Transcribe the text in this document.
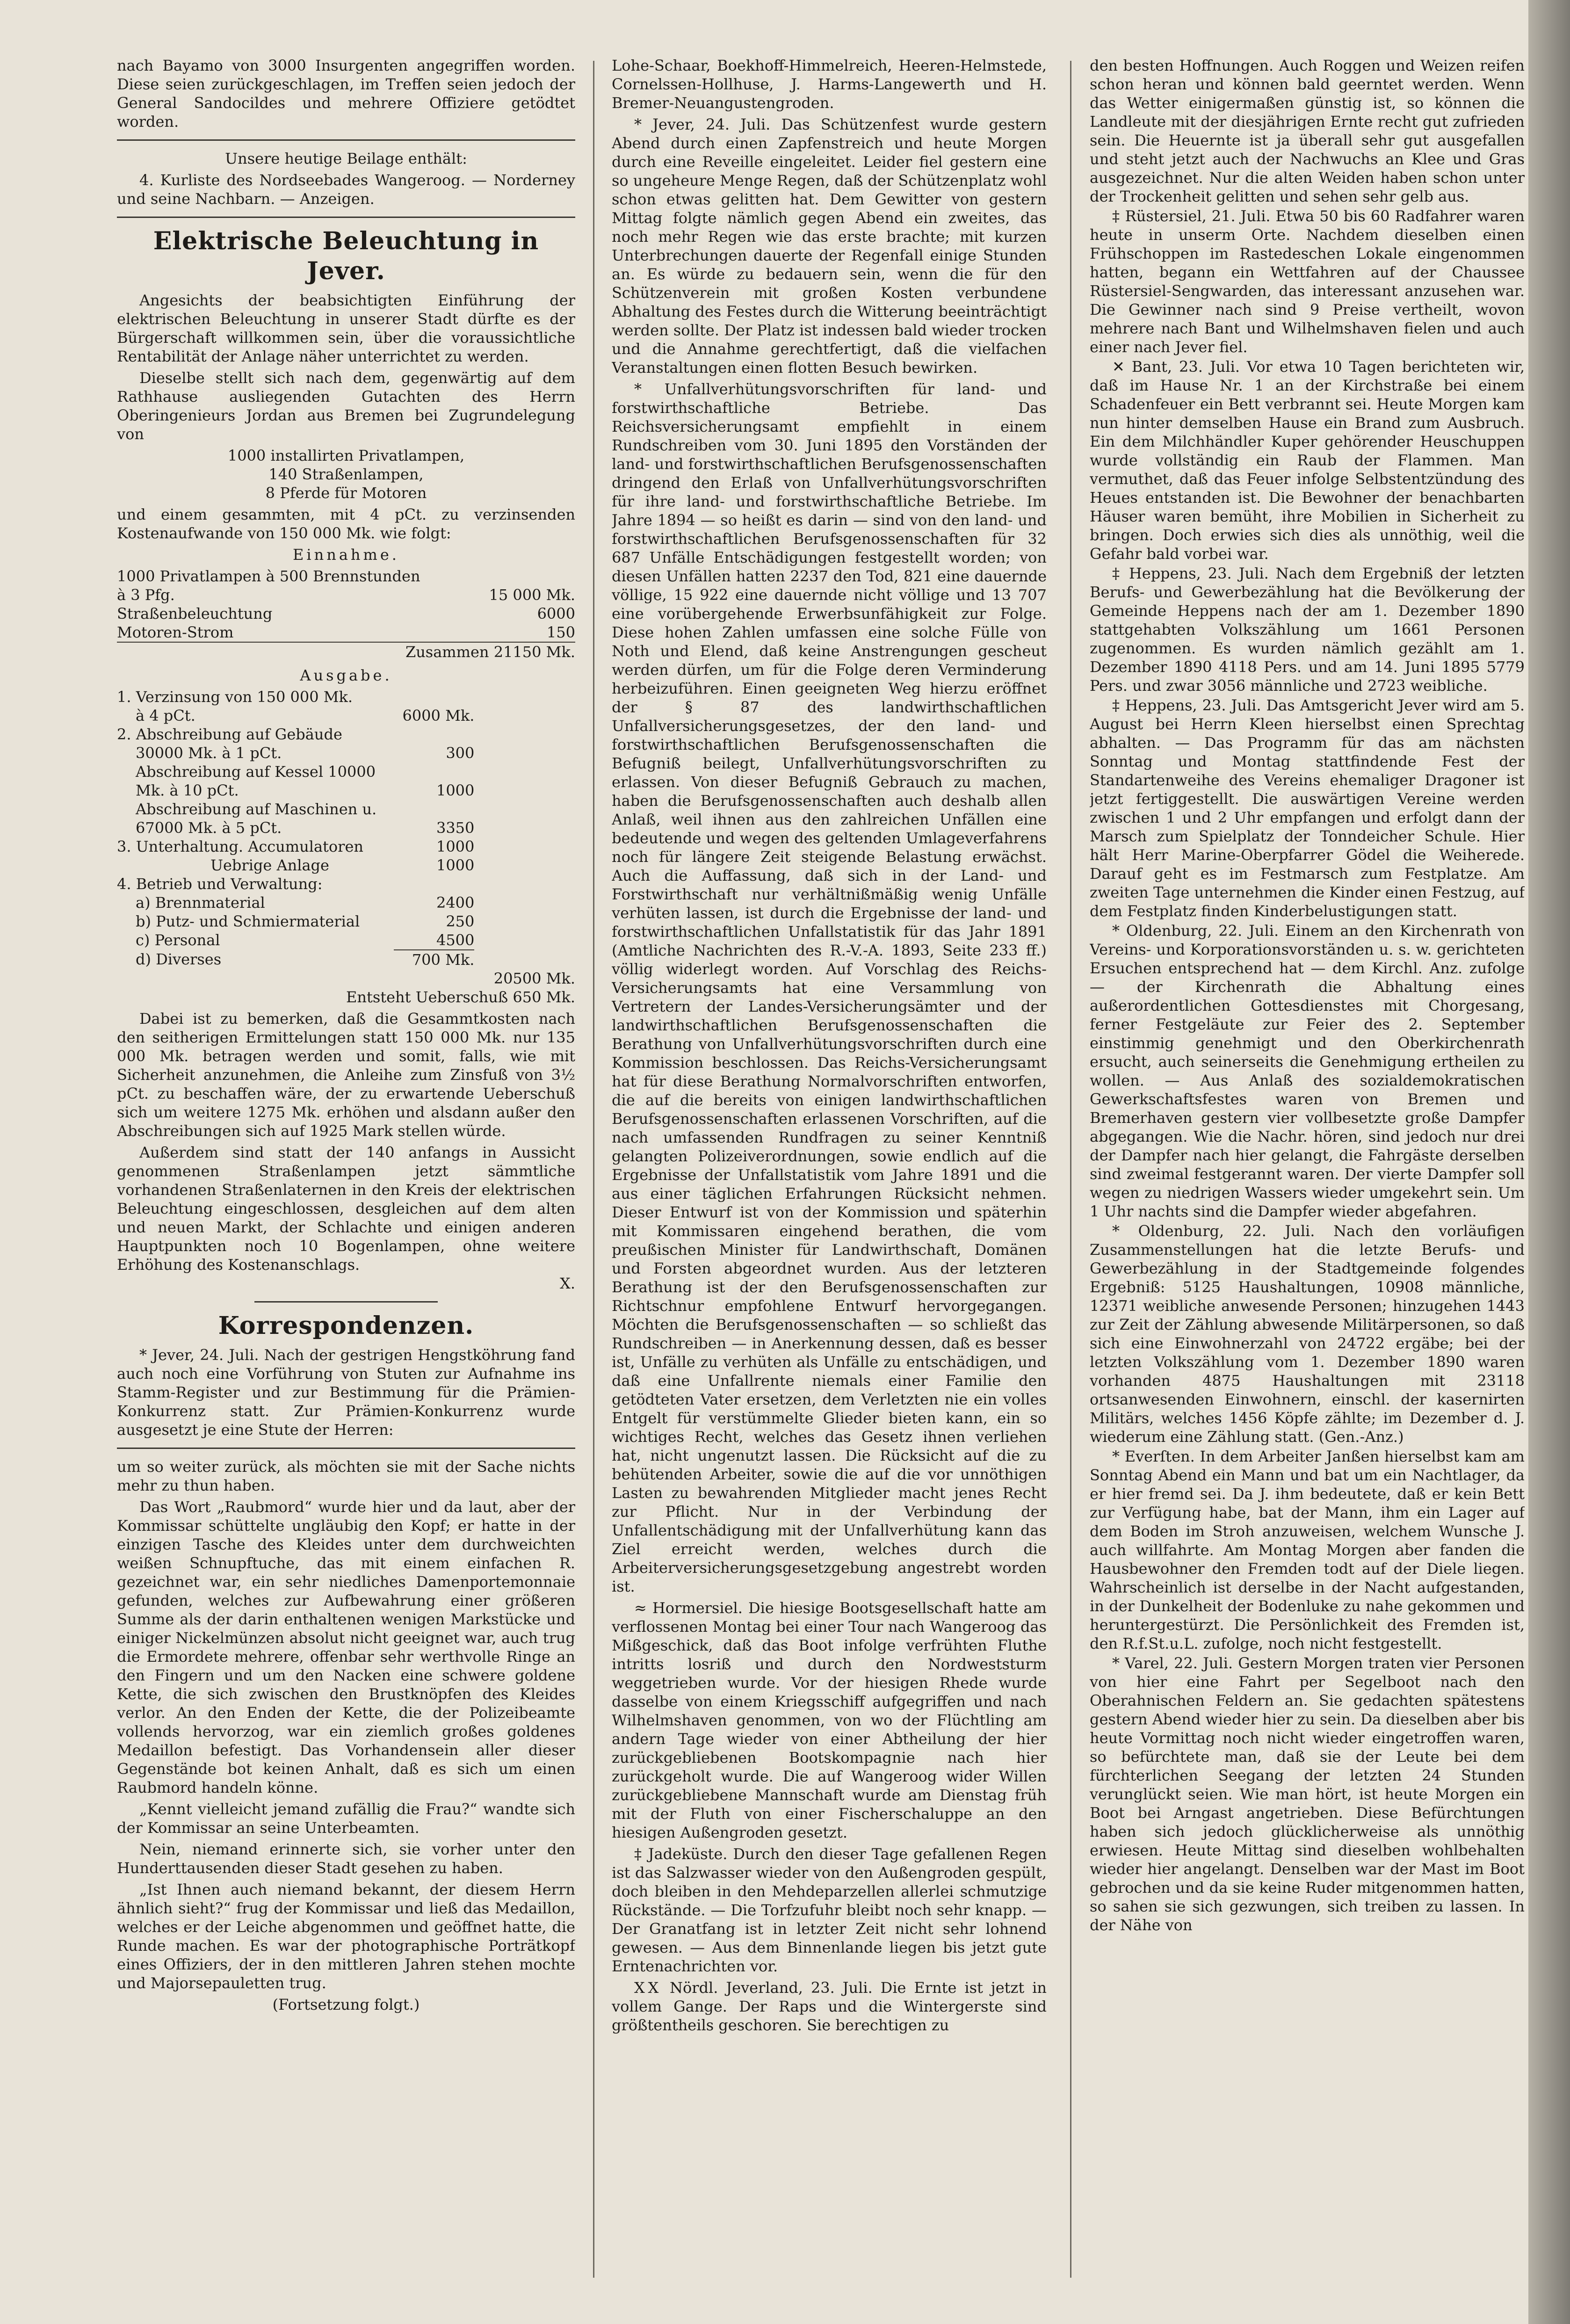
nach Bayamo von 3000 Insurgenten angegriffen worden. Diese seien zurückgeschlagen, im Treffen seien jedoch der General Sandocildes und mehrere Offiziere getödtet worden.

Unsere heutige Beilage enthält:

4. Kurliste des Nordseebades Wangeroog. — Norderney und seine Nachbarn. — Anzeigen.

Elektrische Beleuchtung in Jever.

Angesichts der beabsichtigten Einführung der elektrischen Beleuchtung in unserer Stadt dürfte es der Bürgerschaft willkommen sein, über die voraussichtliche Rentabilität der Anlage näher unterrichtet zu werden.

Dieselbe stellt sich nach dem, gegenwärtig auf dem Rathhause ausliegenden Gutachten des Herrn Oberingenieurs Jordan aus Bremen bei Zugrundelegung von

1000 installirten Privatlampen,

140 Straßenlampen,

8 Pferde für Motoren

und einem gesammten, mit 4 pCt. zu verzinsenden Kostenaufwande von 150 000 Mk. wie folgt:

Einnahme.

1000 Privatlampen à 500 Brennstunden	
à 3 Pfg.	15 000 Mk.
Straßenbeleuchtung	6000
Motoren-Strom	150
Zusammen 21150 Mk.	

Ausgabe.

1. Verzinsung von 150 000 Mk.	
à 4 pCt.	6000 Mk.
2. Abschreibung auf Gebäude	
30000 Mk. à 1 pCt.	300
Abschreibung auf Kessel 10000	
Mk. à 10 pCt.	1000
Abschreibung auf Maschinen u.	
67000 Mk. à 5 pCt.	3350
3. Unterhaltung. Accumulatoren	1000
Uebrige Anlage	1000
4. Betrieb und Verwaltung:	
a) Brennmaterial	2400
b) Putz- und Schmiermaterial	250
c) Personal	4500
d) Diverses	700 Mk.

20500 Mk.

Entsteht Ueberschuß 650 Mk.

Dabei ist zu bemerken, daß die Gesammtkosten nach den seitherigen Ermittelungen statt 150 000 Mk. nur 135 000 Mk. betragen werden und somit, falls, wie mit Sicherheit anzunehmen, die Anleihe zum Zinsfuß von 3½ pCt. zu beschaffen wäre, der zu erwartende Ueberschuß sich um weitere 1275 Mk. erhöhen und alsdann außer den Abschreibungen sich auf 1925 Mark stellen würde.

Außerdem sind statt der 140 anfangs in Aussicht genommenen Straßenlampen jetzt sämmtliche vorhandenen Straßenlaternen in den Kreis der elektrischen Beleuchtung eingeschlossen, desgleichen auf dem alten und neuen Markt, der Schlachte und einigen anderen Hauptpunkten noch 10 Bogenlampen, ohne weitere Erhöhung des Kostenanschlags.

X.

Korrespondenzen.

* Jever, 24. Juli. Nach der gestrigen Hengstköhrung fand auch noch eine Vorführung von Stuten zur Aufnahme ins Stamm-Register und zur Bestimmung für die Prämien-Konkurrenz statt. Zur Prämien-Konkurrenz wurde ausgesetzt je eine Stute der Herren:

um so weiter zurück, als möchten sie mit der Sache nichts mehr zu thun haben.

Das Wort „Raubmord“ wurde hier und da laut, aber der Kommissar schüttelte ungläubig den Kopf; er hatte in der einzigen Tasche des Kleides unter dem durchweichten weißen Schnupftuche, das mit einem einfachen R. gezeichnet war, ein sehr niedliches Damenportemonnaie gefunden, welches zur Aufbewahrung einer größeren Summe als der darin enthaltenen wenigen Markstücke und einiger Nickelmünzen absolut nicht geeignet war, auch trug die Ermordete mehrere, offenbar sehr werthvolle Ringe an den Fingern und um den Nacken eine schwere goldene Kette, die sich zwischen den Brustknöpfen des Kleides verlor. An den Enden der Kette, die der Polizeibeamte vollends hervorzog, war ein ziemlich großes goldenes Medaillon befestigt. Das Vorhandensein aller dieser Gegenstände bot keinen Anhalt, daß es sich um einen Raubmord handeln könne.

„Kennt vielleicht jemand zufällig die Frau?“ wandte sich der Kommissar an seine Unterbeamten.

Nein, niemand erinnerte sich, sie vorher unter den Hunderttausenden dieser Stadt gesehen zu haben.

„Ist Ihnen auch niemand bekannt, der diesem Herrn ähnlich sieht?“ frug der Kommissar und ließ das Medaillon, welches er der Leiche abgenommen und geöffnet hatte, die Runde machen. Es war der photographische Porträtkopf eines Offiziers, der in den mittleren Jahren stehen mochte und Majorsepauletten trug.

(Fortsetzung folgt.)

Lohe-Schaar, Boekhoff-Himmelreich, Heeren-Helmstede, Cornelssen-Hollhuse, J. Harms-Langewerth und H. Bremer-Neuangustengroden.

* Jever, 24. Juli. Das Schützenfest wurde gestern Abend durch einen Zapfenstreich und heute Morgen durch eine Reveille eingeleitet. Leider fiel gestern eine so ungeheure Menge Regen, daß der Schützenplatz wohl schon etwas gelitten hat. Dem Gewitter von gestern Mittag folgte nämlich gegen Abend ein zweites, das noch mehr Regen wie das erste brachte; mit kurzen Unterbrechungen dauerte der Regenfall einige Stunden an. Es würde zu bedauern sein, wenn die für den Schützenverein mit großen Kosten verbundene Abhaltung des Festes durch die Witterung beeinträchtigt werden sollte. Der Platz ist indessen bald wieder trocken und die Annahme gerechtfertigt, daß die vielfachen Veranstaltungen einen flotten Besuch bewirken.

* Unfallverhütungsvorschriften für land- und forstwirthschaftliche Betriebe. Das Reichsversicherungsamt empfiehlt in einem Rundschreiben vom 30. Juni 1895 den Vorständen der land- und forstwirthschaftlichen Berufsgenossenschaften dringend den Erlaß von Unfallverhütungsvorschriften für ihre land- und forstwirthschaftliche Betriebe. Im Jahre 1894 — so heißt es darin — sind von den land- und forstwirthschaftlichen Berufsgenossenschaften für 32 687 Unfälle Entschädigungen festgestellt worden; von diesen Unfällen hatten 2237 den Tod, 821 eine dauernde völlige, 15 922 eine dauernde nicht völlige und 13 707 eine vorübergehende Erwerbsunfähigkeit zur Folge. Diese hohen Zahlen umfassen eine solche Fülle von Noth und Elend, daß keine Anstrengungen gescheut werden dürfen, um für die Folge deren Verminderung herbeizuführen. Einen geeigneten Weg hierzu eröffnet der § 87 des landwirthschaftlichen Unfallversicherungsgesetzes, der den land- und forstwirthschaftlichen Berufsgenossenschaften die Befugniß beilegt, Unfallverhütungsvorschriften zu erlassen. Von dieser Befugniß Gebrauch zu machen, haben die Berufsgenossenschaften auch deshalb allen Anlaß, weil ihnen aus den zahlreichen Unfällen eine bedeutende und wegen des geltenden Umlageverfahrens noch für längere Zeit steigende Belastung erwächst. Auch die Auffassung, daß sich in der Land- und Forstwirthschaft nur verhältnißmäßig wenig Unfälle verhüten lassen, ist durch die Ergebnisse der land- und forstwirthschaftlichen Unfallstatistik für das Jahr 1891 (Amtliche Nachrichten des R.-V.-A. 1893, Seite 233 ff.) völlig widerlegt worden. Auf Vorschlag des Reichs-Versicherungsamts hat eine Versammlung von Vertretern der Landes-Versicherungsämter und der landwirthschaftlichen Berufsgenossenschaften die Berathung von Unfallverhütungsvorschriften durch eine Kommission beschlossen. Das Reichs-Versicherungsamt hat für diese Berathung Normalvorschriften entworfen, die auf die bereits von einigen landwirthschaftlichen Berufsgenossenschaften erlassenen Vorschriften, auf die nach umfassenden Rundfragen zu seiner Kenntniß gelangten Polizeiverordnungen, sowie endlich auf die Ergebnisse der Unfallstatistik vom Jahre 1891 und die aus einer täglichen Erfahrungen Rücksicht nehmen. Dieser Entwurf ist von der Kommission und späterhin mit Kommissaren eingehend berathen, die vom preußischen Minister für Landwirthschaft, Domänen und Forsten abgeordnet wurden. Aus der letzteren Berathung ist der den Berufsgenossenschaften zur Richtschnur empfohlene Entwurf hervorgegangen. Möchten die Berufsgenossenschaften — so schließt das Rundschreiben — in Anerkennung dessen, daß es besser ist, Unfälle zu verhüten als Unfälle zu entschädigen, und daß eine Unfallrente niemals einer Familie den getödteten Vater ersetzen, dem Verletzten nie ein volles Entgelt für verstümmelte Glieder bieten kann, ein so wichtiges Recht, welches das Gesetz ihnen verliehen hat, nicht ungenutzt lassen. Die Rücksicht auf die zu behütenden Arbeiter, sowie die auf die vor unnöthigen Lasten zu bewahrenden Mitglieder macht jenes Recht zur Pflicht. Nur in der Verbindung der Unfallentschädigung mit der Unfallverhütung kann das Ziel erreicht werden, welches durch die Arbeiterversicherungsgesetzgebung angestrebt worden ist.

≈ Hormersiel. Die hiesige Bootsgesellschaft hatte am verflossenen Montag bei einer Tour nach Wangeroog das Mißgeschick, daß das Boot infolge verfrühten Fluthe intritts losriß und durch den Nordweststurm weggetrieben wurde. Vor der hiesigen Rhede wurde dasselbe von einem Kriegsschiff aufgegriffen und nach Wilhelmshaven genommen, von wo der Flüchtling am andern Tage wieder von einer Abtheilung der hier zurückgebliebenen Bootskompagnie nach hier zurückgeholt wurde. Die auf Wangeroog wider Willen zurückgebliebene Mannschaft wurde am Dienstag früh mit der Fluth von einer Fischerschaluppe an den hiesigen Außengroden gesetzt.

‡ Jadeküste. Durch den dieser Tage gefallenen Regen ist das Salzwasser wieder von den Außengroden gespült, doch bleiben in den Mehdeparzellen allerlei schmutzige Rückstände. — Die Torfzufuhr bleibt noch sehr knapp. — Der Granatfang ist in letzter Zeit nicht sehr lohnend gewesen. — Aus dem Binnenlande liegen bis jetzt gute Erntenachrichten vor.

ⅩⅩ Nördl. Jeverland, 23. Juli. Die Ernte ist jetzt in vollem Gange. Der Raps und die Wintergerste sind größtentheils geschoren. Sie berechtigen zu

den besten Hoffnungen. Auch Roggen und Weizen reifen schon heran und können bald geerntet werden. Wenn das Wetter einigermaßen günstig ist, so können die Landleute mit der diesjährigen Ernte recht gut zufrieden sein. Die Heuernte ist ja überall sehr gut ausgefallen und steht jetzt auch der Nachwuchs an Klee und Gras ausgezeichnet. Nur die alten Weiden haben schon unter der Trockenheit gelitten und sehen sehr gelb aus.

‡ Rüstersiel, 21. Juli. Etwa 50 bis 60 Radfahrer waren heute in unserm Orte. Nachdem dieselben einen Frühschoppen im Rastedeschen Lokale eingenommen hatten, begann ein Wettfahren auf der Chaussee Rüstersiel-Sengwarden, das interessant anzusehen war. Die Gewinner nach sind 9 Preise vertheilt, wovon mehrere nach Bant und Wilhelmshaven fielen und auch einer nach Jever fiel.

✕ Bant, 23. Juli. Vor etwa 10 Tagen berichteten wir, daß im Hause Nr. 1 an der Kirchstraße bei einem Schadenfeuer ein Bett verbrannt sei. Heute Morgen kam nun hinter demselben Hause ein Brand zum Ausbruch. Ein dem Milchhändler Kuper gehörender Heuschuppen wurde vollständig ein Raub der Flammen. Man vermuthet, daß das Feuer infolge Selbstentzündung des Heues entstanden ist. Die Bewohner der benachbarten Häuser waren bemüht, ihre Mobilien in Sicherheit zu bringen. Doch erwies sich dies als unnöthig, weil die Gefahr bald vorbei war.

‡ Heppens, 23. Juli. Nach dem Ergebniß der letzten Berufs- und Gewerbezählung hat die Bevölkerung der Gemeinde Heppens nach der am 1. Dezember 1890 stattgehabten Volkszählung um 1661 Personen zugenommen. Es wurden nämlich gezählt am 1. Dezember 1890 4118 Pers. und am 14. Juni 1895 5779 Pers. und zwar 3056 männliche und 2723 weibliche.

‡ Heppens, 23. Juli. Das Amtsgericht Jever wird am 5. August bei Herrn Kleen hierselbst einen Sprechtag abhalten. — Das Programm für das am nächsten Sonntag und Montag stattfindende Fest der Standartenweihe des Vereins ehemaliger Dragoner ist jetzt fertiggestellt. Die auswärtigen Vereine werden zwischen 1 und 2 Uhr empfangen und erfolgt dann der Marsch zum Spielplatz der Tonndeicher Schule. Hier hält Herr Marine-Oberpfarrer Gödel die Weiherede. Darauf geht es im Festmarsch zum Festplatze. Am zweiten Tage unternehmen die Kinder einen Festzug, auf dem Festplatz finden Kinderbelustigungen statt.

* Oldenburg, 22. Juli. Einem an den Kirchenrath von Vereins- und Korporationsvorständen u. s. w. gerichteten Ersuchen entsprechend hat — dem Kirchl. Anz. zufolge — der Kirchenrath die Abhaltung eines außerordentlichen Gottesdienstes mit Chorgesang, ferner Festgeläute zur Feier des 2. September einstimmig genehmigt und den Oberkirchenrath ersucht, auch seinerseits die Genehmigung ertheilen zu wollen. — Aus Anlaß des sozialdemokratischen Gewerkschaftsfestes waren von Bremen und Bremerhaven gestern vier vollbesetzte große Dampfer abgegangen. Wie die Nachr. hören, sind jedoch nur drei der Dampfer nach hier gelangt, die Fahrgäste derselben sind zweimal festgerannt waren. Der vierte Dampfer soll wegen zu niedrigen Wassers wieder umgekehrt sein. Um 1 Uhr nachts sind die Dampfer wieder abgefahren.

* Oldenburg, 22. Juli. Nach den vorläufigen Zusammenstellungen hat die letzte Berufs- und Gewerbezählung in der Stadtgemeinde folgendes Ergebniß: 5125 Haushaltungen, 10908 männliche, 12371 weibliche anwesende Personen; hinzugehen 1443 zur Zeit der Zählung abwesende Militärpersonen, so daß sich eine Einwohnerzahl von 24722 ergäbe; bei der letzten Volkszählung vom 1. Dezember 1890 waren vorhanden 4875 Haushaltungen mit 23118 ortsanwesenden Einwohnern, einschl. der kasernirten Militärs, welches 1456 Köpfe zählte; im Dezember d. J. wiederum eine Zählung statt. (Gen.-Anz.)

* Everſten. In dem Arbeiter Janßen hierselbst kam am Sonntag Abend ein Mann und bat um ein Nachtlager, da er hier fremd sei. Da J. ihm bedeutete, daß er kein Bett zur Verfügung habe, bat der Mann, ihm ein Lager auf dem Boden im Stroh anzuweisen, welchem Wunsche J. auch willfahrte. Am Montag Morgen aber fanden die Hausbewohner den Fremden todt auf der Diele liegen. Wahrscheinlich ist derselbe in der Nacht aufgestanden, in der Dunkelheit der Bodenluke zu nahe gekommen und heruntergestürzt. Die Persönlichkeit des Fremden ist, den R.f.St.u.L. zufolge, noch nicht festgestellt.

* Varel, 22. Juli. Gestern Morgen traten vier Personen von hier eine Fahrt per Segelboot nach den Oberahnischen Feldern an. Sie gedachten spätestens gestern Abend wieder hier zu sein. Da dieselben aber bis heute Vormittag noch nicht wieder eingetroffen waren, so befürchtete man, daß sie der Leute bei dem fürchterlichen Seegang der letzten 24 Stunden verunglückt seien. Wie man hört, ist heute Morgen ein Boot bei Arngast angetrieben. Diese Befürchtungen haben sich jedoch glücklicherweise als unnöthig erwiesen. Heute Mittag sind dieselben wohlbehalten wieder hier angelangt. Denselben war der Mast im Boot gebrochen und da sie keine Ruder mitgenommen hatten, so sahen sie sich gezwungen, sich treiben zu lassen. In der Nähe von
